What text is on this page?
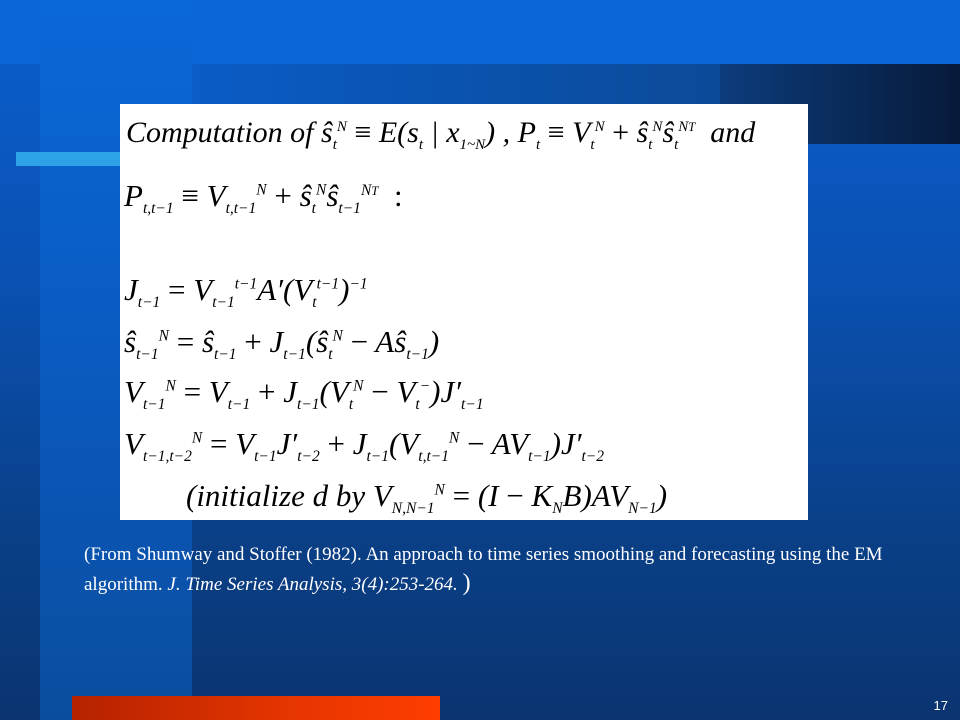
Computation of $ŝ_t^N \equiv E(s_t$ | $x_{1\sim N}$) , $P_t \equiv V_t^N$ + $ŝ_t^Nŝ_t^{NT}$  and
$P_{t,t-1} \equiv V_{t,t-1}^N$ + $ŝ_t^Nŝ_{t-1}^{NT}$ :
$J_{t-1} = V_{t-1}^{t-1}A'(V_t^{t-1})^{-1}$
$ŝ_{t-1}^N$ = $ŝ_{t-1}$ + $J_{t-1}(ŝ_t^N$ − $Aŝ_{t-1}$)
$V_{t-1}^N = V_{t-1} + J_{t-1}(V_t^N - V_t^-)J'_{t-1}$
$V_{t-1,t-2}^N = V_{t-1}J'_{t-2} + J_{t-1}(V_{t,t-1}^N - AV_{t-1})J'_{t-2}$
(initialize d by $V_{N,N-1}^N = (I - K_NB)AV_{N-1}$)
(From Shumway and Stoffer (1982). An approach to time series smoothing and forecasting using the EM algorithm. J. Time Series Analysis, 3(4):253-264. )
17
